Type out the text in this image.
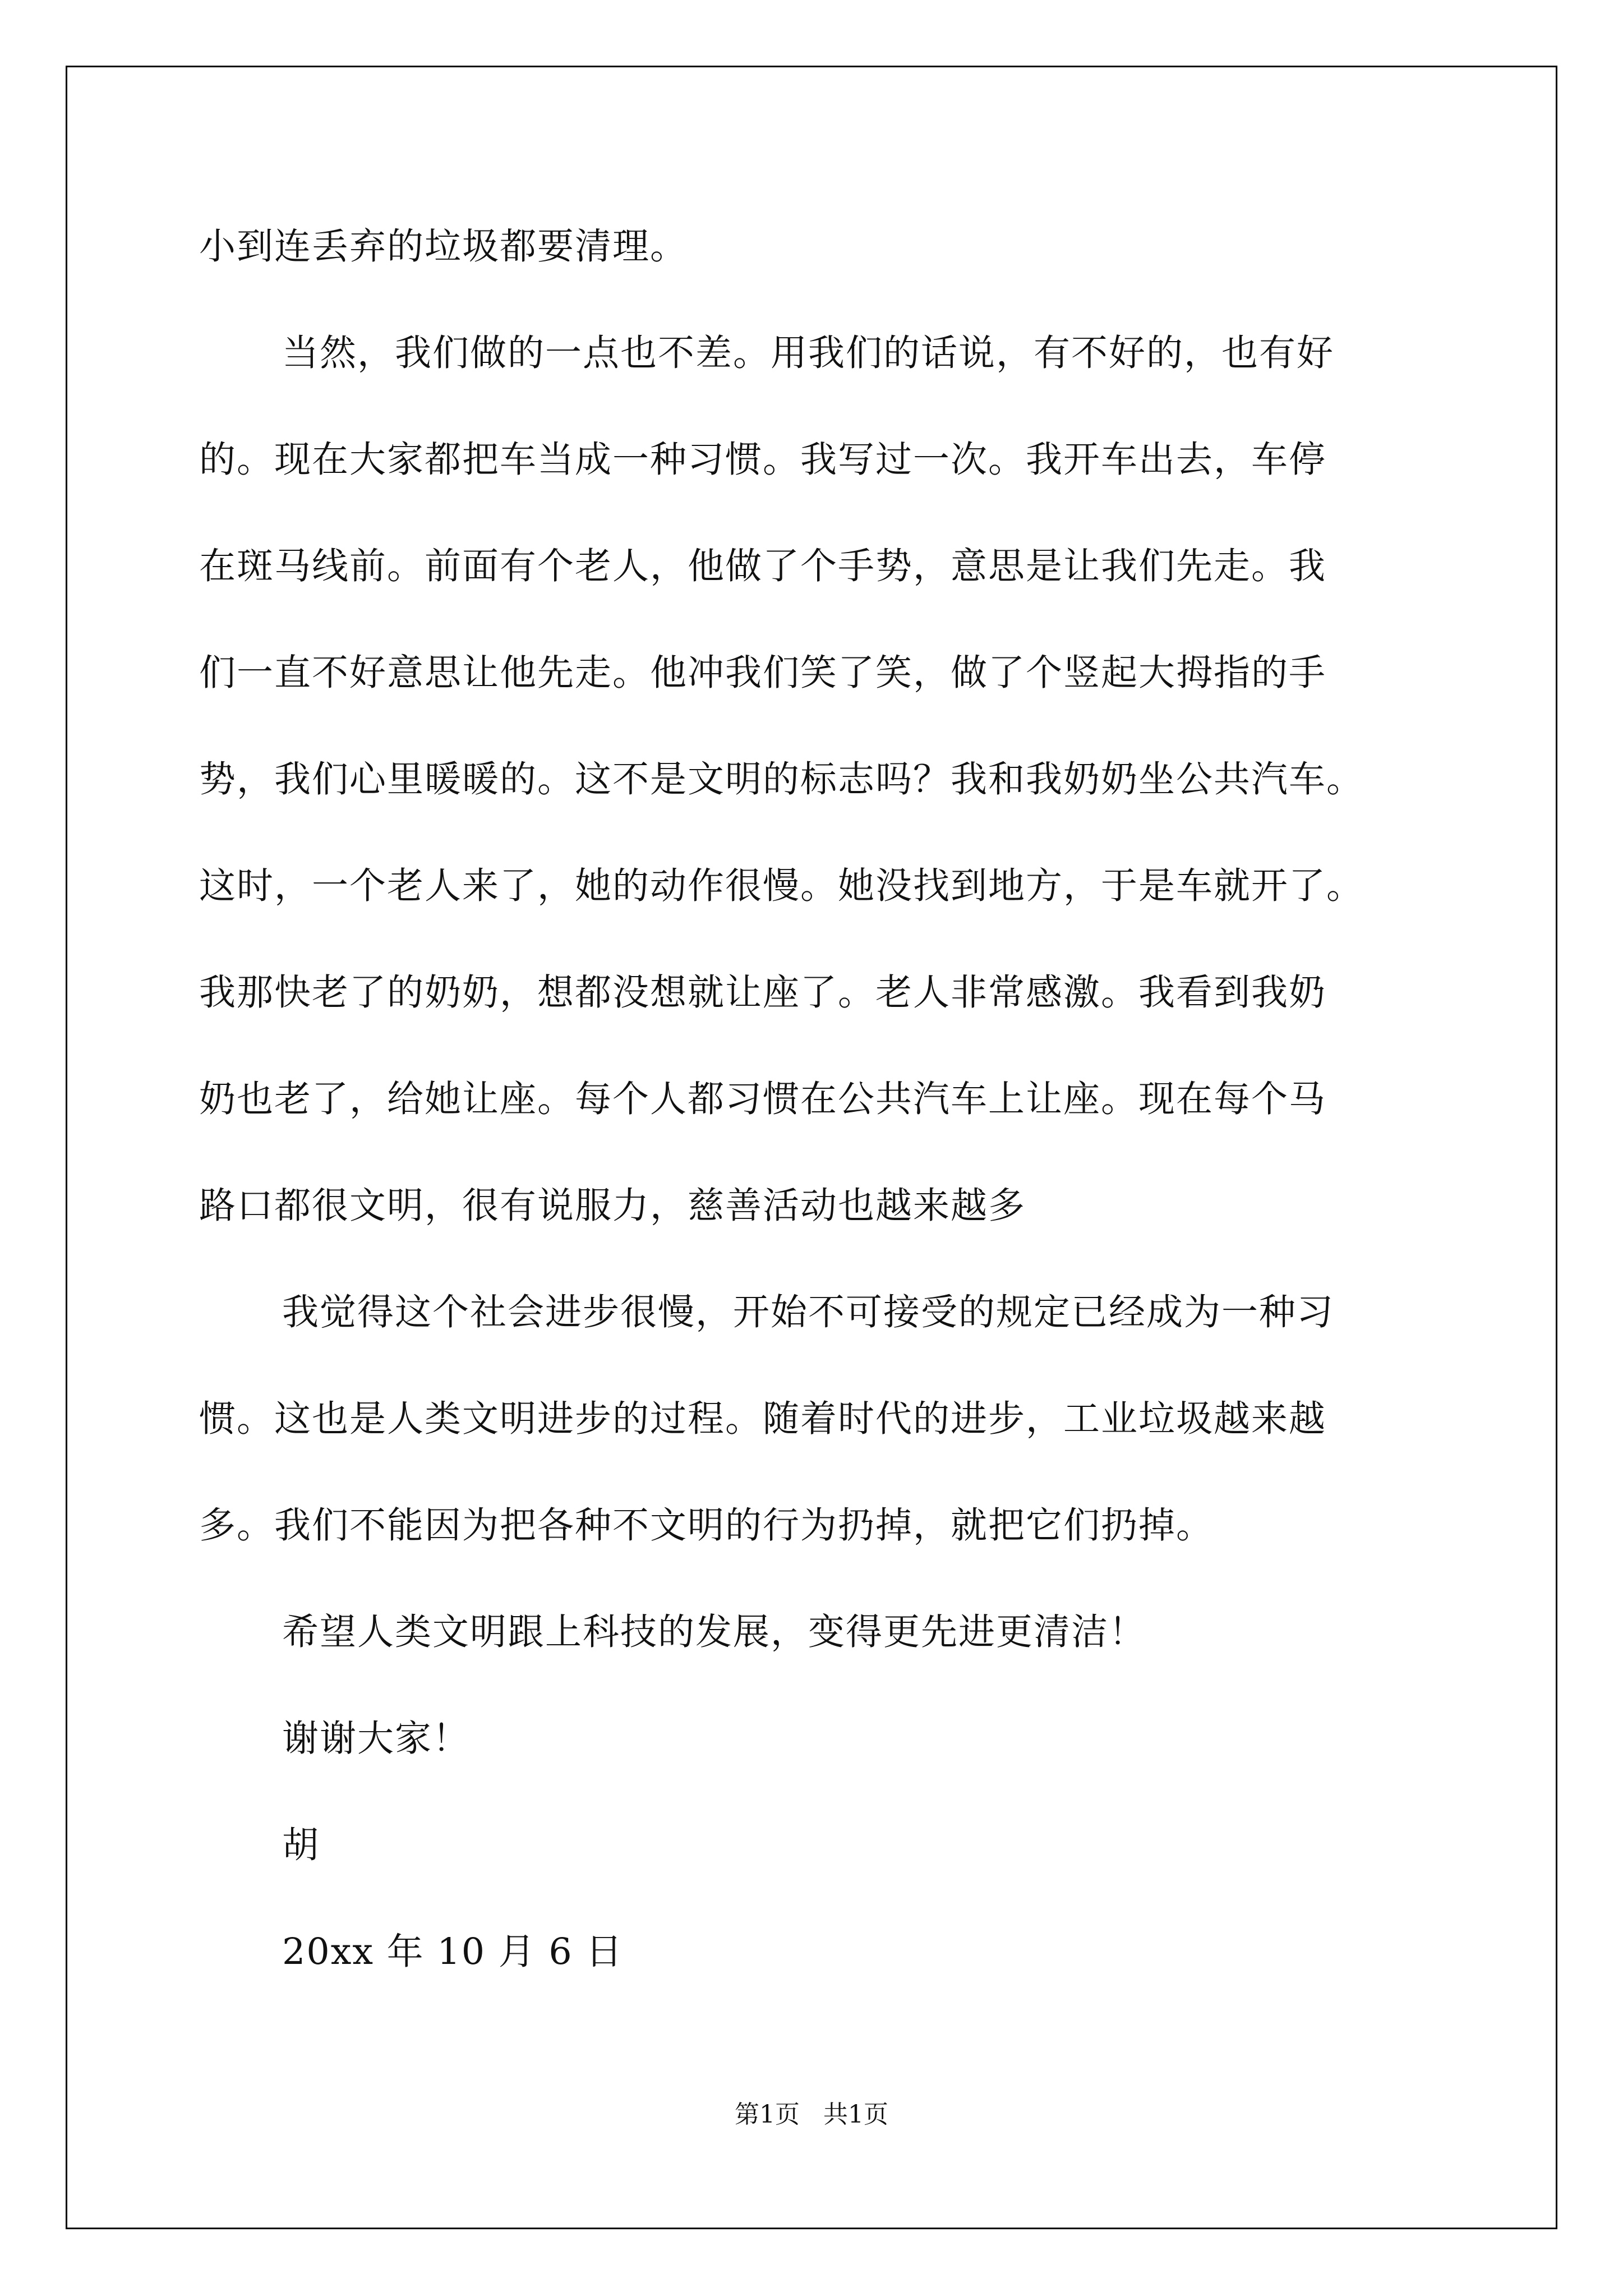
小到连丢弃的垃圾都要清理。
当然，我们做的一点也不差。用我们的话说，有不好的，也有好
的。现在大家都把车当成一种习惯。我写过一次。我开车出去，车停
在斑马线前。前面有个老人，他做了个手势，意思是让我们先走。我
们一直不好意思让他先走。他冲我们笑了笑，做了个竖起大拇指的手
势，我们心里暖暖的。这不是文明的标志吗？我和我奶奶坐公共汽车。
这时，一个老人来了，她的动作很慢。她没找到地方，于是车就开了。
我那快老了的奶奶，想都没想就让座了。老人非常感激。我看到我奶
奶也老了，给她让座。每个人都习惯在公共汽车上让座。现在每个马
路口都很文明，很有说服力，慈善活动也越来越多
我觉得这个社会进步很慢，开始不可接受的规定已经成为一种习
惯。这也是人类文明进步的过程。随着时代的进步，工业垃圾越来越
多。我们不能因为把各种不文明的行为扔掉，就把它们扔掉。
希望人类文明跟上科技的发展，变得更先进更清洁！
谢谢大家！
胡
20xx 年 10 月 6 日
第1页   共1页
